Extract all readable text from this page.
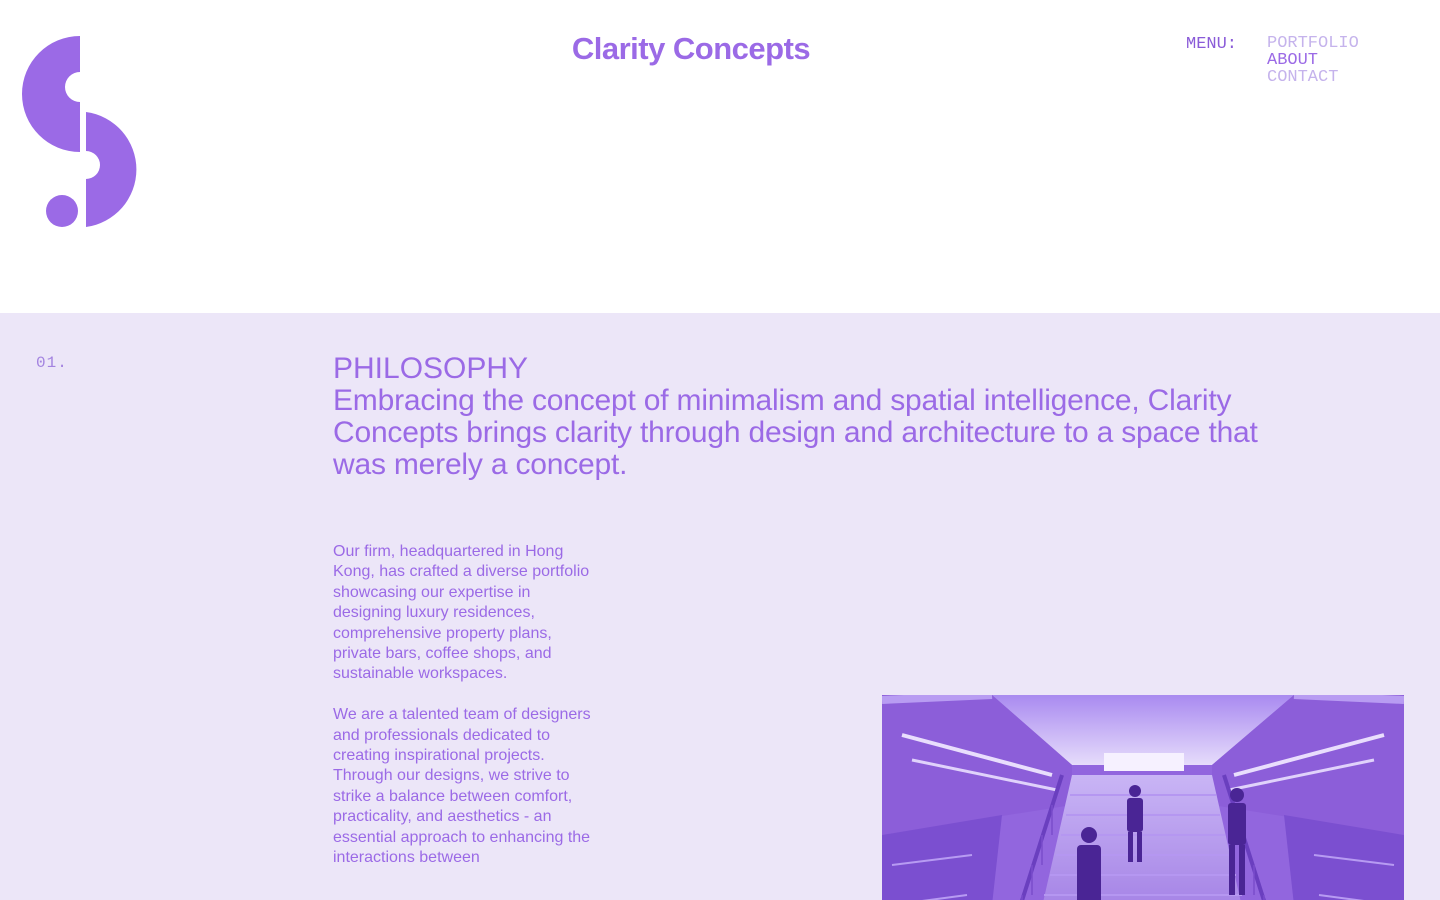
Clarity Concepts	MENU: PORTFOLIO
ABOUT
CONTACT
01.	PHILOSOPHY
Embracing the concept of minimalism and spatial intelligence, Clarity Concepts brings clarity through design and architecture to a space that was merely a concept.

Our firm, headquartered in Hong Kong, has crafted a diverse portfolio showcasing our expertise in designing luxury residences, comprehensive property plans, private bars, coffee shops, and sustainable workspaces.

We are a talented team of designers and professionals dedicated to creating inspirational projects. Through our designs, we strive to strike a balance between comfort, practicality, and aesthetics - an essential approach to enhancing the interactions between
